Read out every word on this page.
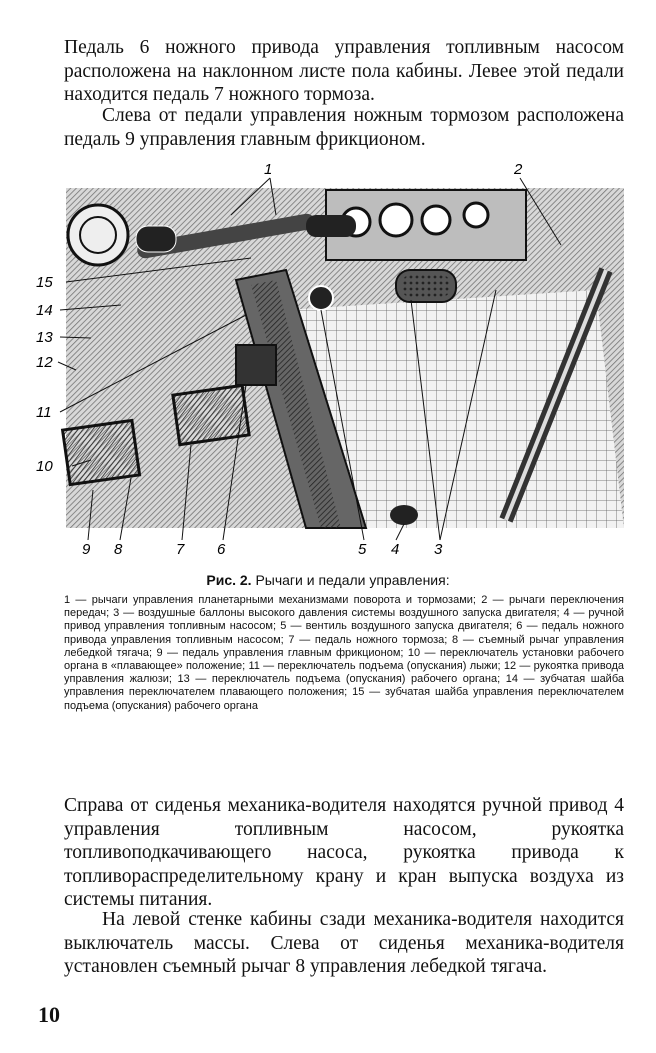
Педаль 6 ножного привода управления топливным насосом расположена на наклонном листе пола кабины. Левее этой педали находится педаль 7 ножного тормоза.

Слева от педали управления ножным тормозом расположена педаль 9 управления главным фрикционом.

1	2
3
4
5
6
7
8
9
10
11
12
13
14
15
Рис. 2. Рычаги и педали управления:

1 — рычаги управления планетарными механизмами поворота и тормозами; 2 — рычаги переключения передач; 3 — воздушные баллоны высокого давления системы воздушного запуска двигателя; 4 — ручной привод управления топливным насосом; 5 — вентиль воздушного запуска двигателя; 6 — педаль ножного привода управления топливным насосом; 7 — педаль ножного тормоза; 8 — съемный рычаг управления лебедкой тягача; 9 — педаль управления главным фрикционом; 10 — переключатель установки рабочего органа в «плавающее» положение; 11 — переключатель подъема (опускания) лыжи; 12 — рукоятка привода управления жалюзи; 13 — переключатель подъема (опускания) рабочего органа; 14 — зубчатая шайба управления переключателем плавающего положения; 15 — зубчатая шайба управления переключателем подъема (опускания) рабочего органа

Справа от сиденья механика-водителя находятся ручной привод 4 управления топливным насосом, рукоятка топливоподкачивающего насоса, рукоятка привода к топливораспределительному крану и кран выпуска воздуха из системы питания.

На левой стенке кабины сзади механика-водителя находится выключатель массы. Слева от сиденья механика-водителя установлен съемный рычаг 8 управления лебедкой тягача.

10
